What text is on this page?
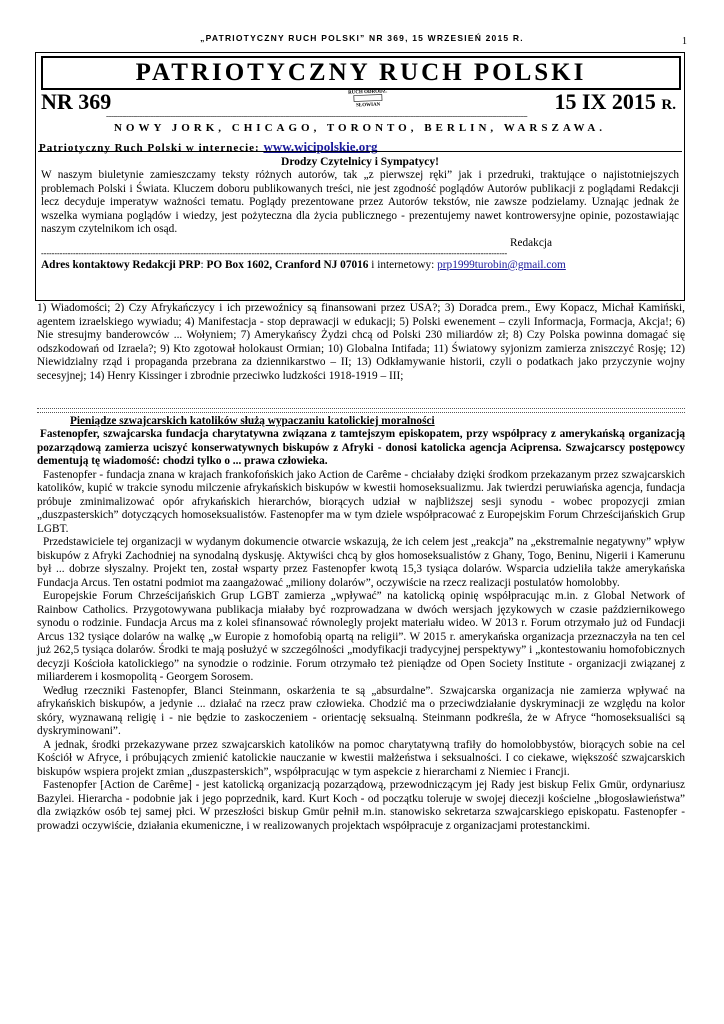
„PATRIOTYCZNY RUCH POLSKI” NR 369, 15 WRZESIEŃ 2015 R.	1
PATRIOTYCZNY RUCH POLSKI
NR 369	RUCH ODRODZ.
SŁOWIAN	15 IX 2015 R.
--------------------------------------------------------------------------------------------------------------------------------------------------------------------------------------------------------------------------------------
NOWY JORK, CHICAGO, TORONTO, BERLIN, WARSZAWA.
Patriotyczny Ruch Polski w internecie: www.wicipolskie.org
Drodzy Czytelnicy i Sympatycy!

W naszym biuletynie zamieszczamy teksty różnych autorów, tak „z pierwszej ręki” jak i przedruki, traktujące o najistotniejszych problemach Polski i Świata. Kluczem doboru publikowanych treści, nie jest zgodność poglądów Autorów publikacji z poglądami Redakcji lecz decyduje imperatyw ważności tematu. Poglądy prezentowane przez Autorów tekstów, nie zawsze podzielamy. Uznając jednak że wszelka wymiana poglądów i wiedzy, jest pożyteczna dla życia publicznego - prezentujemy nawet kontrowersyjne opinie, pozostawiając naszym czytelnikom ich osąd.

Redakcja
-------------------------------------------------------------------------------------------------------------------------------------------------------------------------------
Adres kontaktowy Redakcji PRP: PO Box 1602, Cranford NJ 07016 i internetowy: prp1999turobin@gmail.com

1) Wiadomości; 2) Czy Afrykańczycy i ich przewoźnicy są finansowani przez USA?; 3) Doradca prem., Ewy Kopacz, Michał Kamiński, agentem izraelskiego wywiadu; 4) Manifestacja - stop deprawacji w edukacji; 5) Polski ewenement – czyli Informacja, Formacja, Akcja!; 6) Nie stresujmy banderowców ... Wołyniem; 7) Amerykańscy Żydzi chcą od Polski 230 miliardów zł; 8) Czy Polska powinna domagać się odszkodowań od Izraela?; 9) Kto zgotował holokaust Ormian; 10) Globalna Intifada; 11) Światowy syjonizm zamierza zniszczyć Rosję; 12) Niewidzialny rząd i propaganda przebrana za dziennikarstwo – II; 13) Odkłamywanie historii, czyli o podatkach jako przyczynie wojny secesyjnej; 14) Henry Kissinger i zbrodnie przeciwko ludzkości 1918-1919 – III;

Pieniądze szwajcarskich katolików służą wypaczaniu katolickiej moralności

Fastenopfer, szwajcarska fundacja charytatywna związana z tamtejszym episkopatem, przy współpracy z amerykańską organizacją pozarządową zamierza uciszyć konserwatywnych biskupów z Afryki - donosi katolicka agencja Aciprensa. Szwajcarscy postępowcy dementują tę wiadomość: chodzi tylko o ... prawa człowieka.

Fastenopfer - fundacja znana w krajach frankofońskich jako Action de Carême - chciałaby dzięki środkom przekazanym przez szwajcarskich katolików, kupić w trakcie synodu milczenie afrykańskich biskupów w kwestii homoseksualizmu. Jak twierdzi peruwiańska agencja, fundacja próbuje zminimalizować opór afrykańskich hierarchów, biorących udział w najbliższej sesji synodu - wobec propozycji zmian „duszpasterskich” dotyczących homoseksualistów. Fastenopfer ma w tym dziele współpracować z Europejskim Forum Chrześcijańskich Grup LGBT.

Przedstawiciele tej organizacji w wydanym dokumencie otwarcie wskazują, że ich celem jest „reakcja” na „ekstremalnie negatywny” wpływ biskupów z Afryki Zachodniej na synodalną dyskusję. Aktywiści chcą by głos homoseksualistów z Ghany, Togo, Beninu, Nigerii i Kamerunu był ... dobrze słyszalny. Projekt ten, został wsparty przez Fastenopfer kwotą 15,3 tysiąca dolarów. Wsparcia udzieliła także amerykańska Fundacja Arcus. Ten ostatni podmiot ma zaangażować „miliony dolarów”, oczywiście na rzecz realizacji postulatów homolobby.

Europejskie Forum Chrześcijańskich Grup LGBT zamierza „wpływać” na katolicką opinię współpracując m.in. z Global Network of Rainbow Catholics. Przygotowywana publikacja miałaby być rozprowadzana w dwóch wersjach językowych w czasie październikowego synodu o rodzinie. Fundacja Arcus ma z kolei sfinansować równolegly projekt materiału wideo. W 2013 r. Forum otrzymało już od Fundacji Arcus 132 tysiące dolarów na walkę „w Europie z homofobią opartą na religii”. W 2015 r. amerykańska organizacja przeznaczyła na ten cel już 262,5 tysiąca dolarów. Środki te mają posłużyć w szczególności „modyfikacji tradycyjnej perspektywy” i „kontestowaniu homofobicznych decyzji Kościoła katolickiego” na synodzie o rodzinie. Forum otrzymało też pieniądze od Open Society Institute - organizacji związanej z miliarderem i kosmopolitą - Georgem Sorosem.

Według rzeczniki Fastenopfer, Blanci Steinmann, oskarżenia te są „absurdalne”. Szwajcarska organizacja nie zamierza wpływać na afrykańskich biskupów, a jedynie ... działać na rzecz praw człowieka. Chodzić ma o przeciwdziałanie dyskryminacji ze względu na kolor skóry, wyznawaną religię i - nie będzie to zaskoczeniem - orientację seksualną. Steinmann podkreśla, że w Afryce “homoseksualiści są dyskryminowani”.

A jednak, środki przekazywane przez szwajcarskich katolików na pomoc charytatywną trafiły do homolobbystów, biorących sobie na cel Kościół w Afryce, i próbujących zmienić katolickie nauczanie w kwestii małżeństwa i seksualności. I co ciekawe, większość szwajcarskich biskupów wspiera projekt zmian „duszpasterskich”, współpracując w tym aspekcie z hierarchami z Niemiec i Francji.

Fastenopfer [Action de Carême] - jest katolicką organizacją pozarządową, przewodniczącym jej Rady jest biskup Felix Gmür, ordynariusz Bazylei. Hierarcha - podobnie jak i jego poprzednik, kard. Kurt Koch - od początku toleruje w swojej diecezji kościelne „błogosławieństwa” dla związków osób tej samej płci. W przeszłości biskup Gmür pełnił m.in. stanowisko sekretarza szwajcarskiego episkopatu. Fastenopfer - prowadzi oczywiście, działania ekumeniczne, i w realizowanych projektach współpracuje z organizacjami protestanckimi.
